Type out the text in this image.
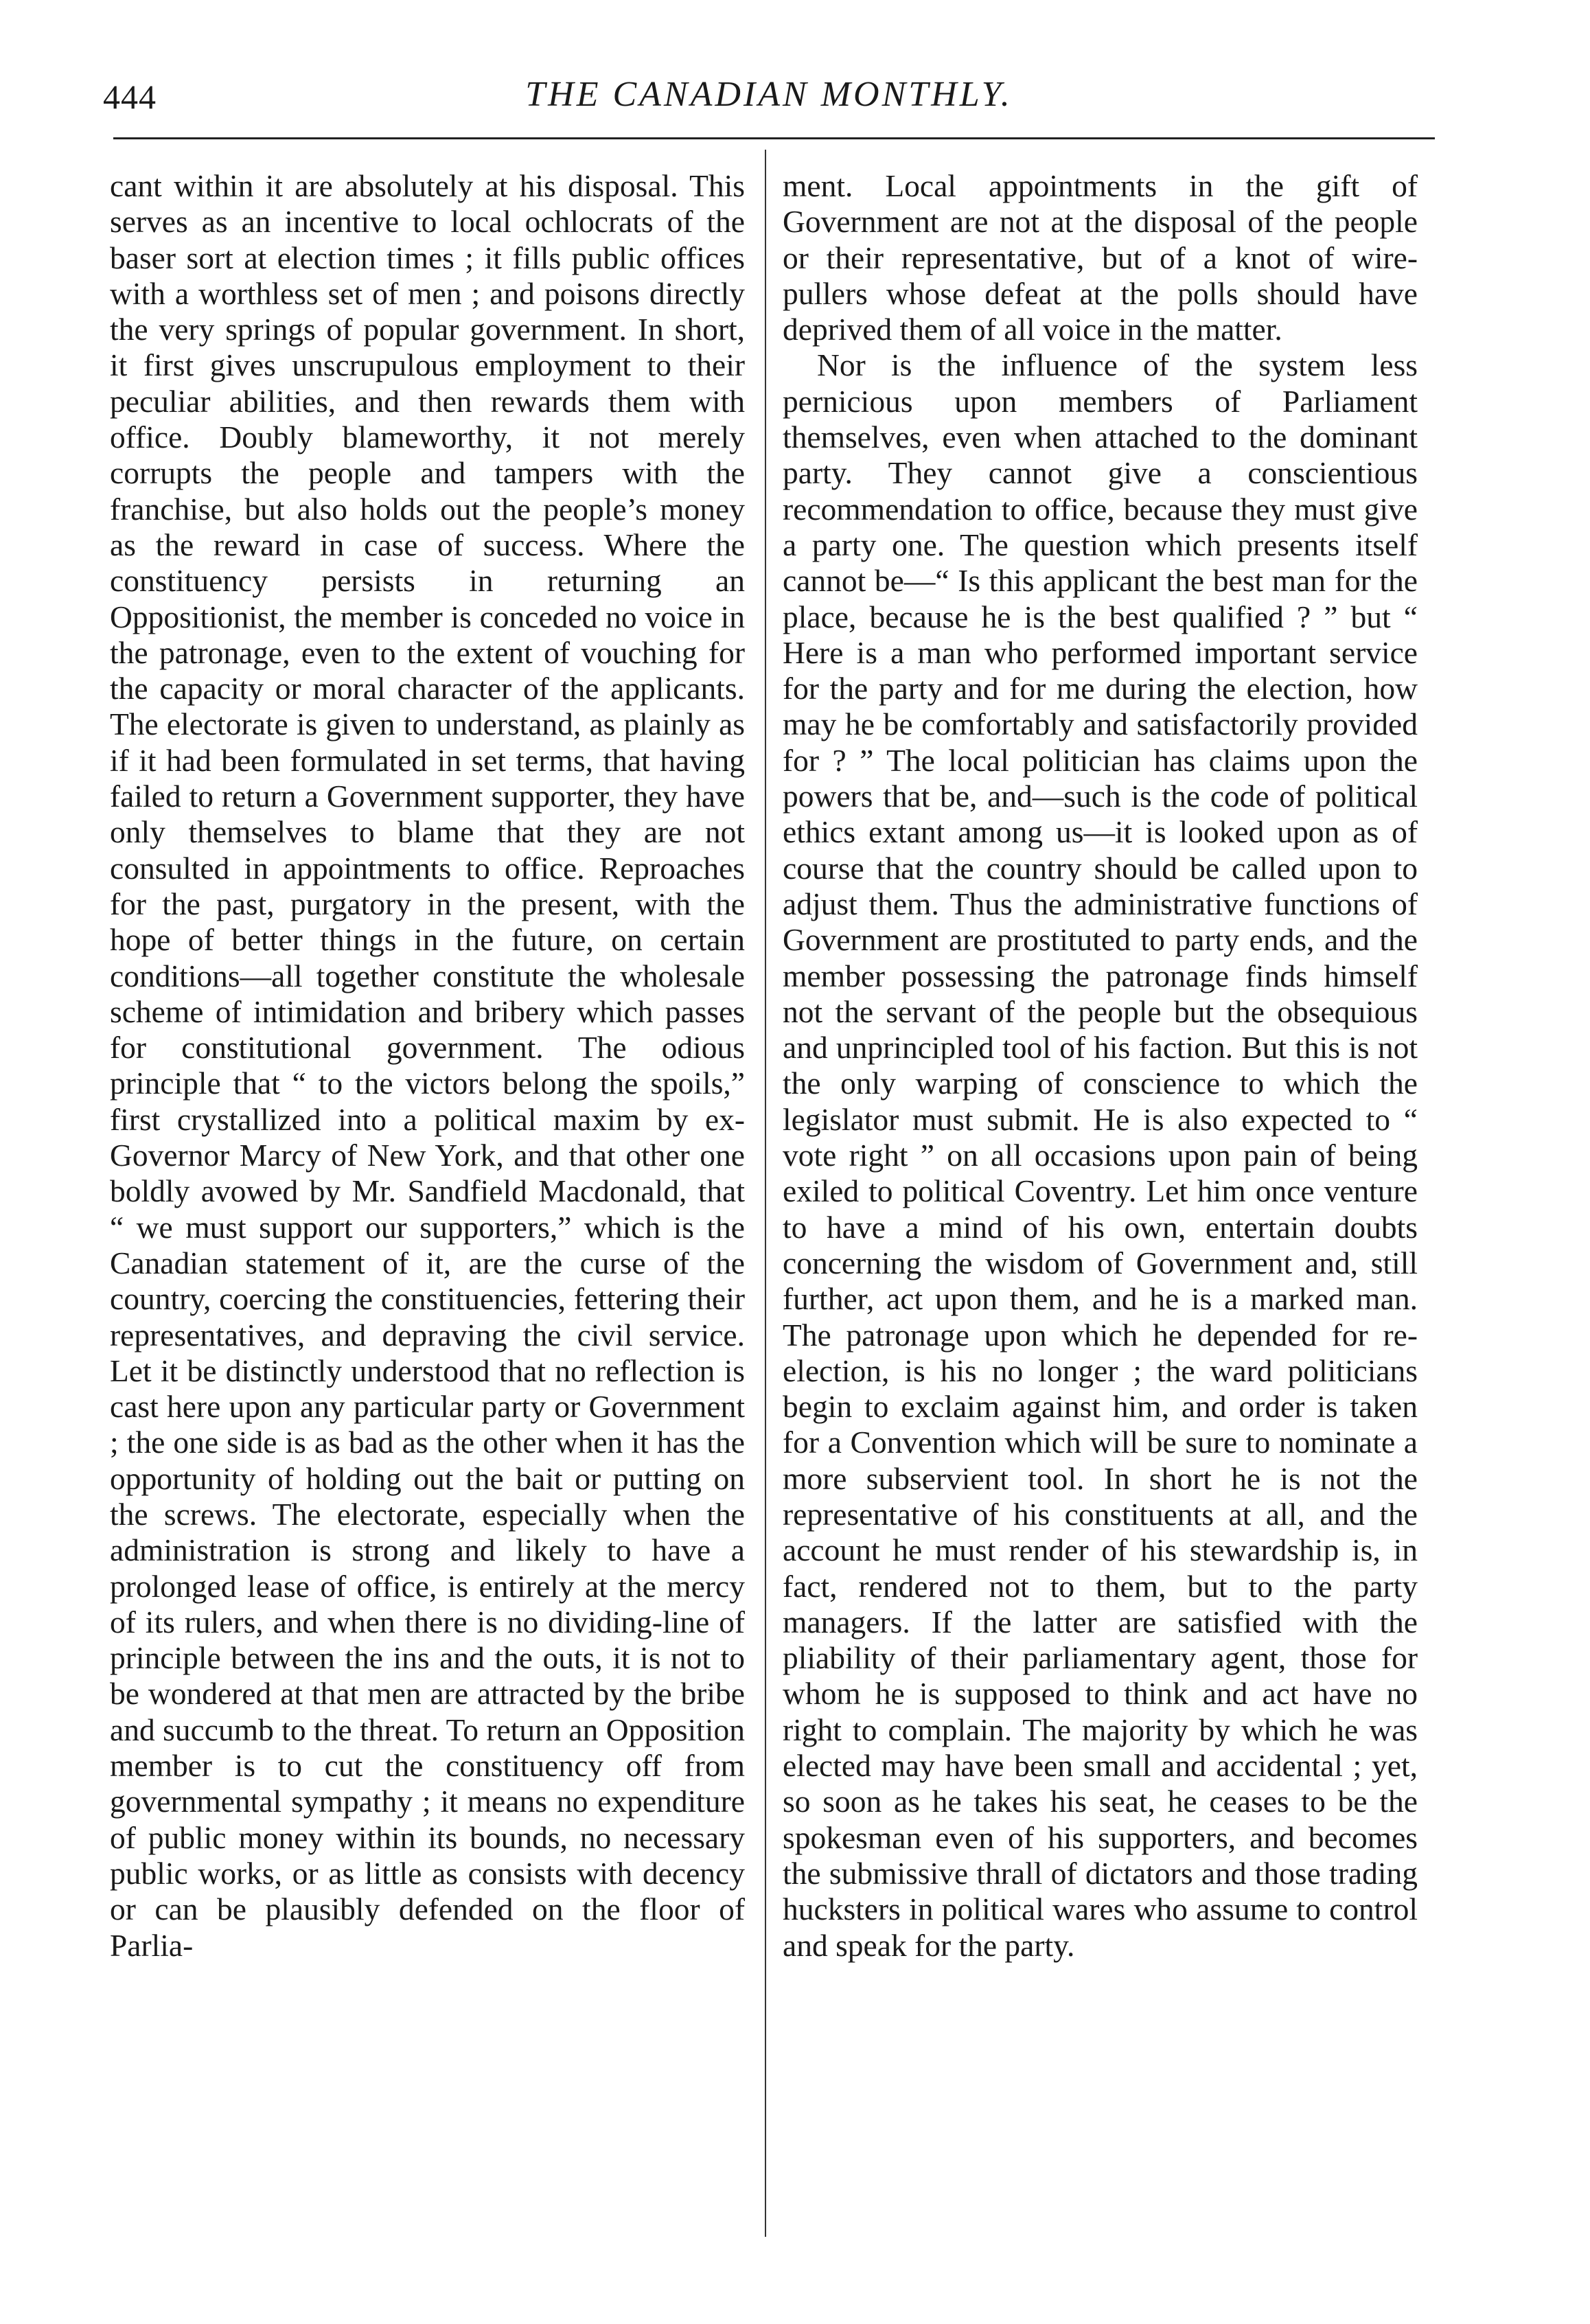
444	THE CANADIAN MONTHLY.

cant within it are absolutely at his disposal. This serves as an incentive to local ochlocrats of the baser sort at election times ; it fills public offices with a worthless set of men ; and poisons directly the very springs of popular government. In short, it first gives unscrupulous employment to their peculiar abilities, and then rewards them with office. Doubly blameworthy, it not merely corrupts the people and tampers with the franchise, but also holds out the people’s money as the reward in case of success. Where the constituency persists in returning an Oppositionist, the member is conceded no voice in the patronage, even to the extent of vouching for the capacity or moral character of the applicants. The electorate is given to understand, as plainly as if it had been formulated in set terms, that having failed to return a Government supporter, they have only themselves to blame that they are not consulted in appointments to office. Reproaches for the past, purgatory in the present, with the hope of better things in the future, on certain conditions—all together constitute the wholesale scheme of intimidation and bribery which passes for constitutional government. The odious principle that “ to the victors belong the spoils,” first crystallized into a political maxim by ex-Governor Marcy of New York, and that other one boldly avowed by Mr. Sandfield Macdonald, that “ we must support our supporters,” which is the Canadian statement of it, are the curse of the country, coercing the constituencies, fettering their representatives, and depraving the civil service. Let it be distinctly understood that no reflection is cast here upon any particular party or Government ; the one side is as bad as the other when it has the opportunity of holding out the bait or putting on the screws. The electorate, especially when the administration is strong and likely to have a prolonged lease of office, is entirely at the mercy of its rulers, and when there is no dividing-line of principle between the ins and the outs, it is not to be wondered at that men are attracted by the bribe and succumb to the threat. To return an Opposition member is to cut the constituency off from governmental sympathy ; it means no expenditure of public money within its bounds, no necessary public works, or as little as consists with decency or can be plausibly defended on the floor of Parlia-

ment. Local appointments in the gift of Government are not at the disposal of the people or their representative, but of a knot of wire-pullers whose defeat at the polls should have deprived them of all voice in the matter.

Nor is the influence of the system less pernicious upon members of Parliament themselves, even when attached to the dominant party. They cannot give a conscientious recommendation to office, because they must give a party one. The question which presents itself cannot be—“ Is this applicant the best man for the place, because he is the best qualified ? ” but “ Here is a man who performed important service for the party and for me during the election, how may he be comfortably and satisfactorily provided for ? ” The local politician has claims upon the powers that be, and—such is the code of political ethics extant among us—it is looked upon as of course that the country should be called upon to adjust them. Thus the administrative functions of Government are prostituted to party ends, and the member possessing the patronage finds himself not the servant of the people but the obsequious and unprincipled tool of his faction. But this is not the only warping of conscience to which the legislator must submit. He is also expected to “ vote right ” on all occasions upon pain of being exiled to political Coventry. Let him once venture to have a mind of his own, entertain doubts concerning the wisdom of Government and, still further, act upon them, and he is a marked man. The patronage upon which he depended for re-election, is his no longer ; the ward politicians begin to exclaim against him, and order is taken for a Convention which will be sure to nominate a more subservient tool. In short he is not the representative of his constituents at all, and the account he must render of his stewardship is, in fact, rendered not to them, but to the party managers. If the latter are satisfied with the pliability of their parliamentary agent, those for whom he is supposed to think and act have no right to complain. The majority by which he was elected may have been small and accidental ; yet, so soon as he takes his seat, he ceases to be the spokesman even of his supporters, and becomes the submissive thrall of dictators and those trading hucksters in political wares who assume to control and speak for the party.
